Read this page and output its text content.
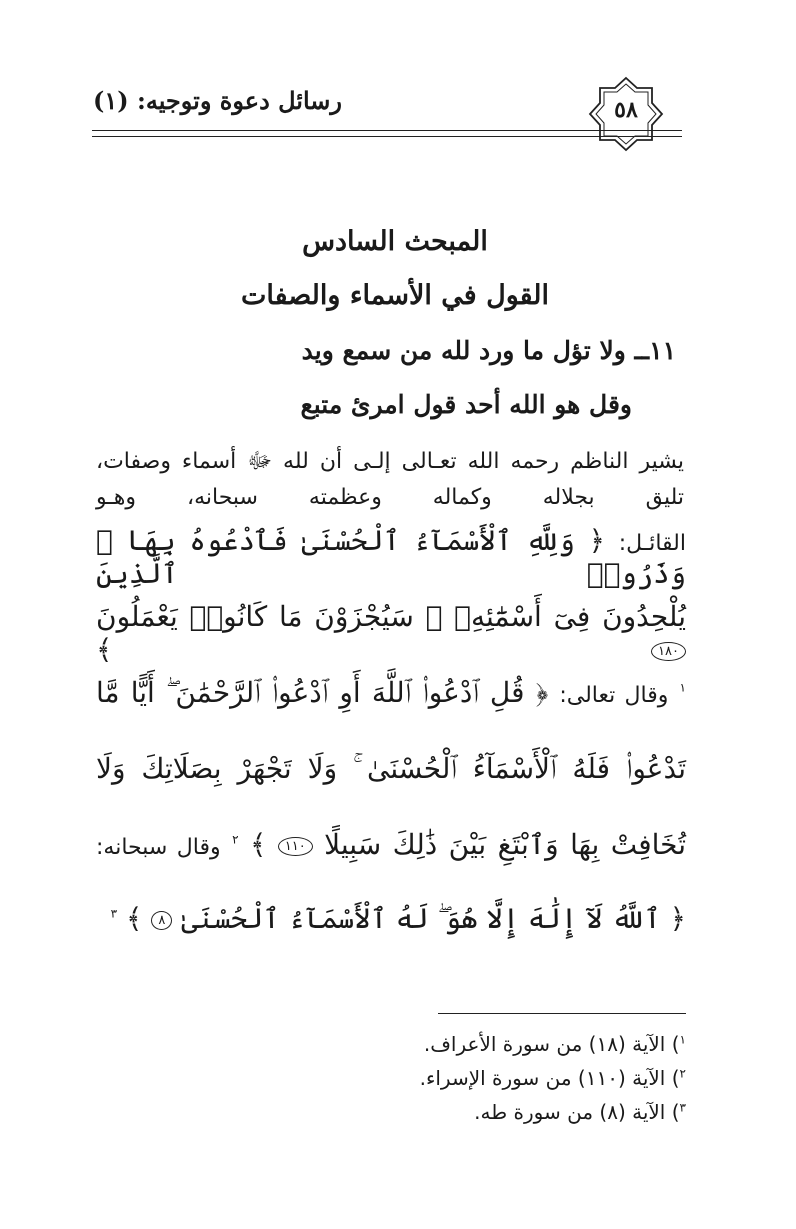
رسائل دعوة وتوجيه: (١)	٥٨
المبحث السادس
القول في الأسماء والصفات
١١ــ ولا تؤل ما ورد لله من سمع ويد
وقل هو الله أحد قول امرئ متبع
يشير الناظم رحمه الله تعـالى إلـى أن لله ﷻ أسماء وصفات، تليق بجلاله وكماله وعظمته سبحانه، وهـو
القائـل: ﴿ وَلِلَّهِ ٱلْأَسْمَآءُ ٱلْحُسْنَىٰ فَٱدْعُوهُ بِهَا ۖ وَذَرُوا۟ ٱلَّذِينَ
يُلْحِدُونَ فِىٓ أَسْمَٰٓئِهِۦ ۚ سَيُجْزَوْنَ مَا كَانُوا۟ يَعْمَلُونَ ١٨٠ ﴾
$^١$ وقال تعالى: ﴿ قُلِ ٱدْعُوا۟ ٱللَّهَ أَوِ ٱدْعُوا۟ ٱلرَّحْمَٰنَ ۖ أَيًّا مَّا
تَدْعُوا۟ فَلَهُ ٱلْأَسْمَآءُ ٱلْحُسْنَىٰ ۚ وَلَا تَجْهَرْ بِصَلَاتِكَ وَلَا
تُخَافِتْ بِهَا وَٱبْتَغِ بَيْنَ ذَٰلِكَ سَبِيلًا ١١٠ ﴾ $^٢$ وقال سبحانه:
﴿ ٱللَّهُ لَآ إِلَٰهَ إِلَّا هُوَ ۖ لَهُ ٱلْأَسْمَآءُ ٱلْحُسْنَىٰ ٨ ﴾ $^٣$
$^١$) الآية (١٨) من سورة الأعراف.
$^٢$) الآية (١١٠) من سورة الإسراء.
$^٣$) الآية (٨) من سورة طه.
